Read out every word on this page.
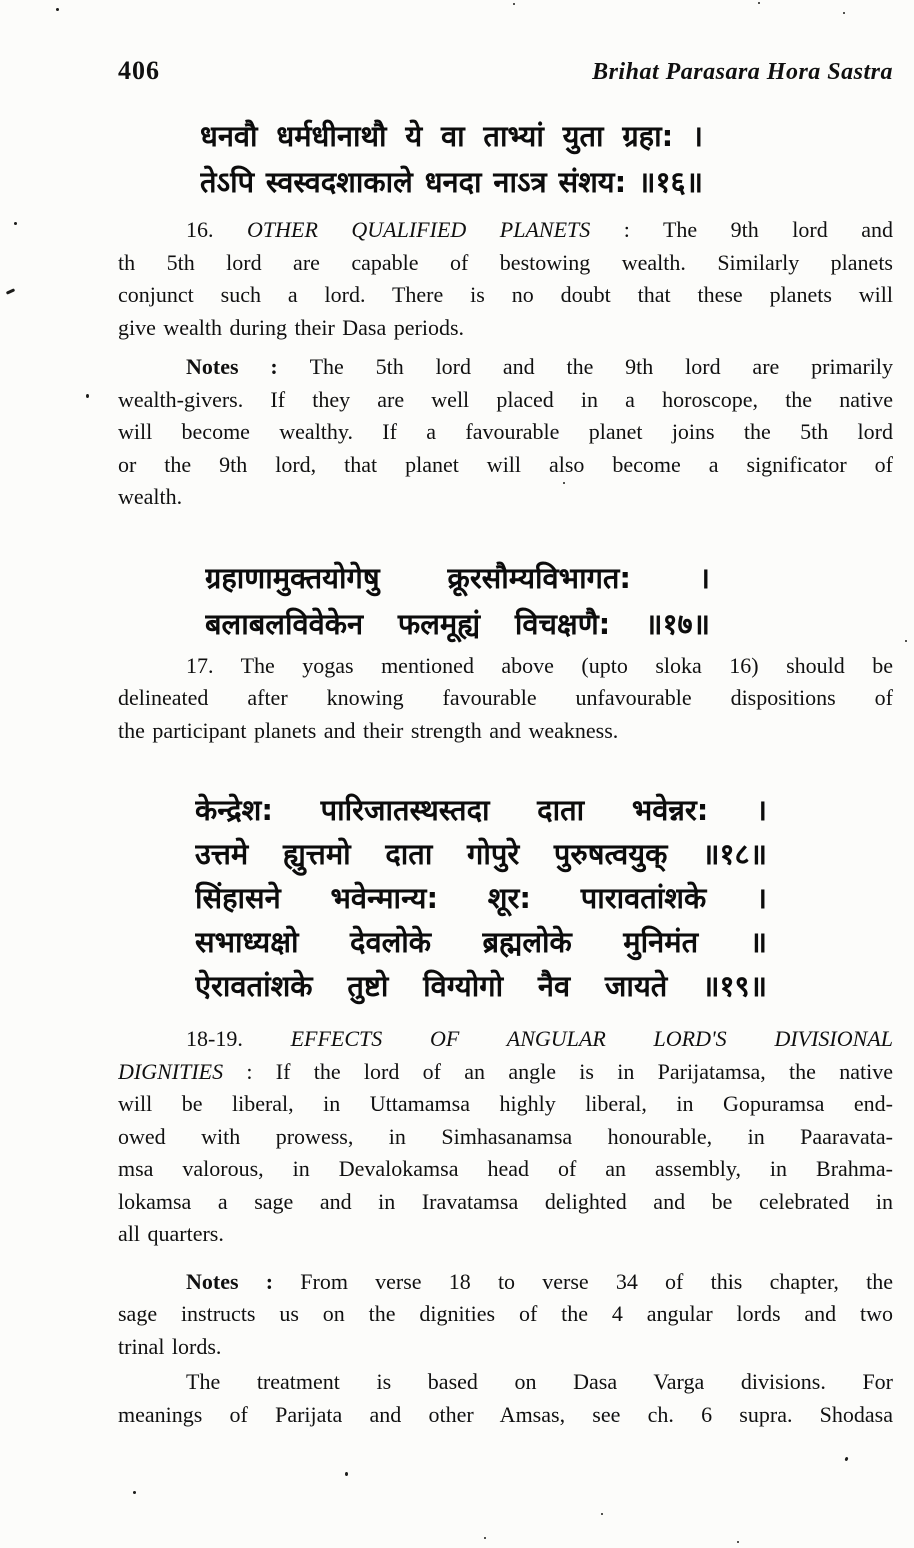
406	Brihat Parasara Hora Sastra
धनवौ धर्मधीनाथौ ये वा ताभ्यां युता ग्रहा: ।
तेऽपि स्वस्वदशाकाले धनदा नाऽत्र संशय: ॥१६॥
16. OTHER QUALIFIED PLANETS : The 9th lord and
th 5th lord are capable of bestowing wealth. Similarly planets
conjunct such a lord. There is no doubt that these planets will
give wealth during their Dasa periods.
Notes : The 5th lord and the 9th lord are primarily
wealth-givers. If they are well placed in a horoscope, the native
will become wealthy. If a favourable planet joins the 5th lord
or the 9th lord, that planet will also become a significator of
wealth.
ग्रहाणामुक्तयोगेषु क्रूरसौम्यविभागत: ।
बलाबलविवेकेन फलमूह्यं विचक्षणै: ॥१७॥
17. The yogas mentioned above (upto sloka 16) should be
delineated after knowing favourable unfavourable dispositions of
the participant planets and their strength and weakness.
केन्द्रेश: पारिजातस्थस्तदा दाता भवेन्नर: ।
उत्तमे ह्युत्तमो दाता गोपुरे पुरुषत्वयुक् ॥१८॥
सिंहासने भवेन्मान्य: शूर: पारावतांशके ।
सभाध्यक्षो देवलोके ब्रह्मलोके मुनिमंत ॥
ऐरावतांशके तुष्टो विग्योगो नैव जायते ॥१९॥
18-19. EFFECTS OF ANGULAR LORD'S DIVISIONAL
DIGNITIES : If the lord of an angle is in Parijatamsa, the native
will be liberal, in Uttamamsa highly liberal, in Gopuramsa end-
owed with prowess, in Simhasanamsa honourable, in Paaravata-
msa valorous, in Devalokamsa head of an assembly, in Brahma-
lokamsa a sage and in Iravatamsa delighted and be celebrated in
all quarters.
Notes : From verse 18 to verse 34 of this chapter, the
sage instructs us on the dignities of the 4 angular lords and two
trinal lords.
The treatment is based on Dasa Varga divisions. For
meanings of Parijata and other Amsas, see ch. 6 supra. Shodasa
